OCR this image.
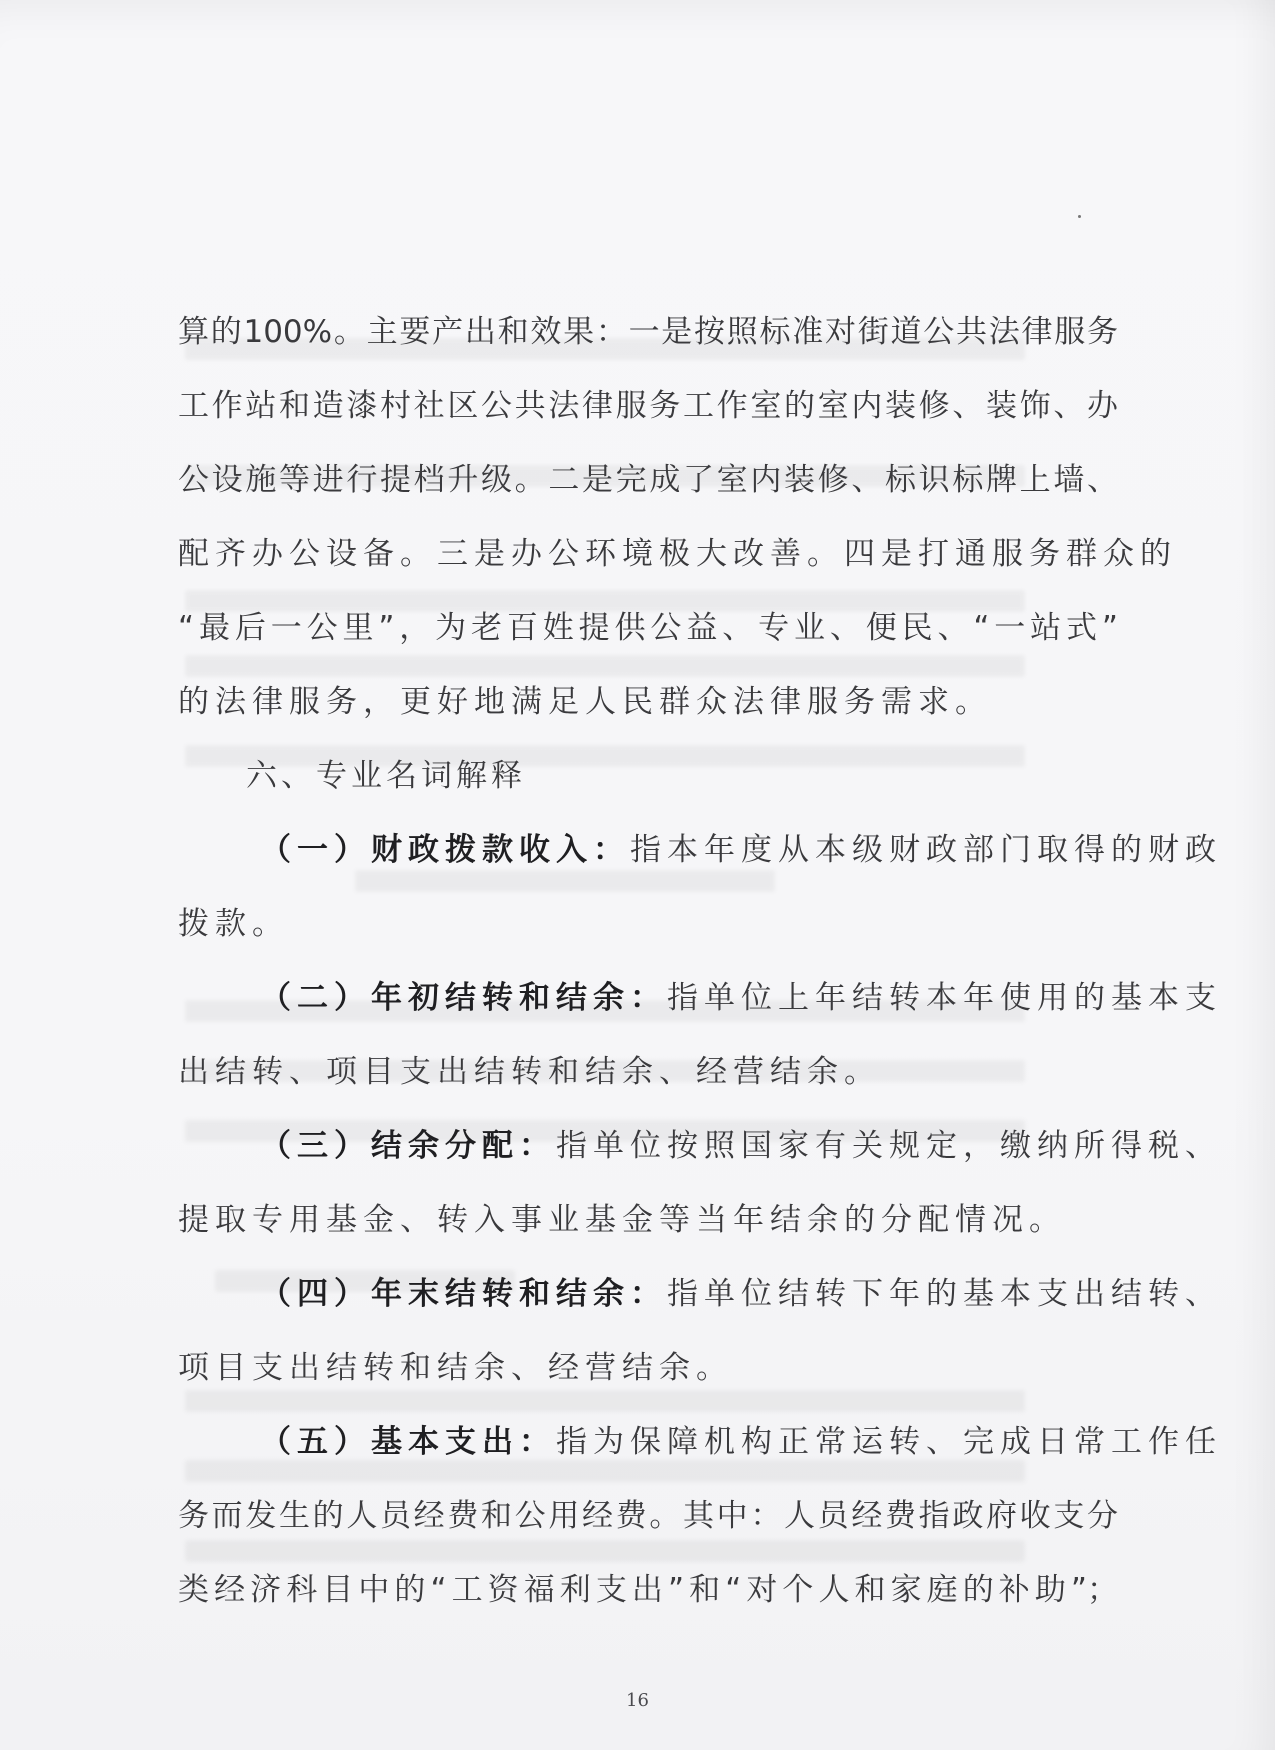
算的100%。主要产出和效果：一是按照标准对街道公共法律服务
工作站和造漆村社区公共法律服务工作室的室内装修、装饰、办
公设施等进行提档升级。二是完成了室内装修、标识标牌上墙、
配齐办公设备。三是办公环境极大改善。四是打通服务群众的
“最后一公里”，为老百姓提供公益、专业、便民、“一站式”
的法律服务，更好地满足人民群众法律服务需求。
六、专业名词解释
（一）财政拨款收入：指本年度从本级财政部门取得的财政
拨款。
（二）年初结转和结余：指单位上年结转本年使用的基本支
出结转、项目支出结转和结余、经营结余。
（三）结余分配：指单位按照国家有关规定，缴纳所得税、
提取专用基金、转入事业基金等当年结余的分配情况。
（四）年末结转和结余：指单位结转下年的基本支出结转、
项目支出结转和结余、经营结余。
（五）基本支出：指为保障机构正常运转、完成日常工作任
务而发生的人员经费和公用经费。其中：人员经费指政府收支分
类经济科目中的“工资福利支出”和“对个人和家庭的补助”；
16
